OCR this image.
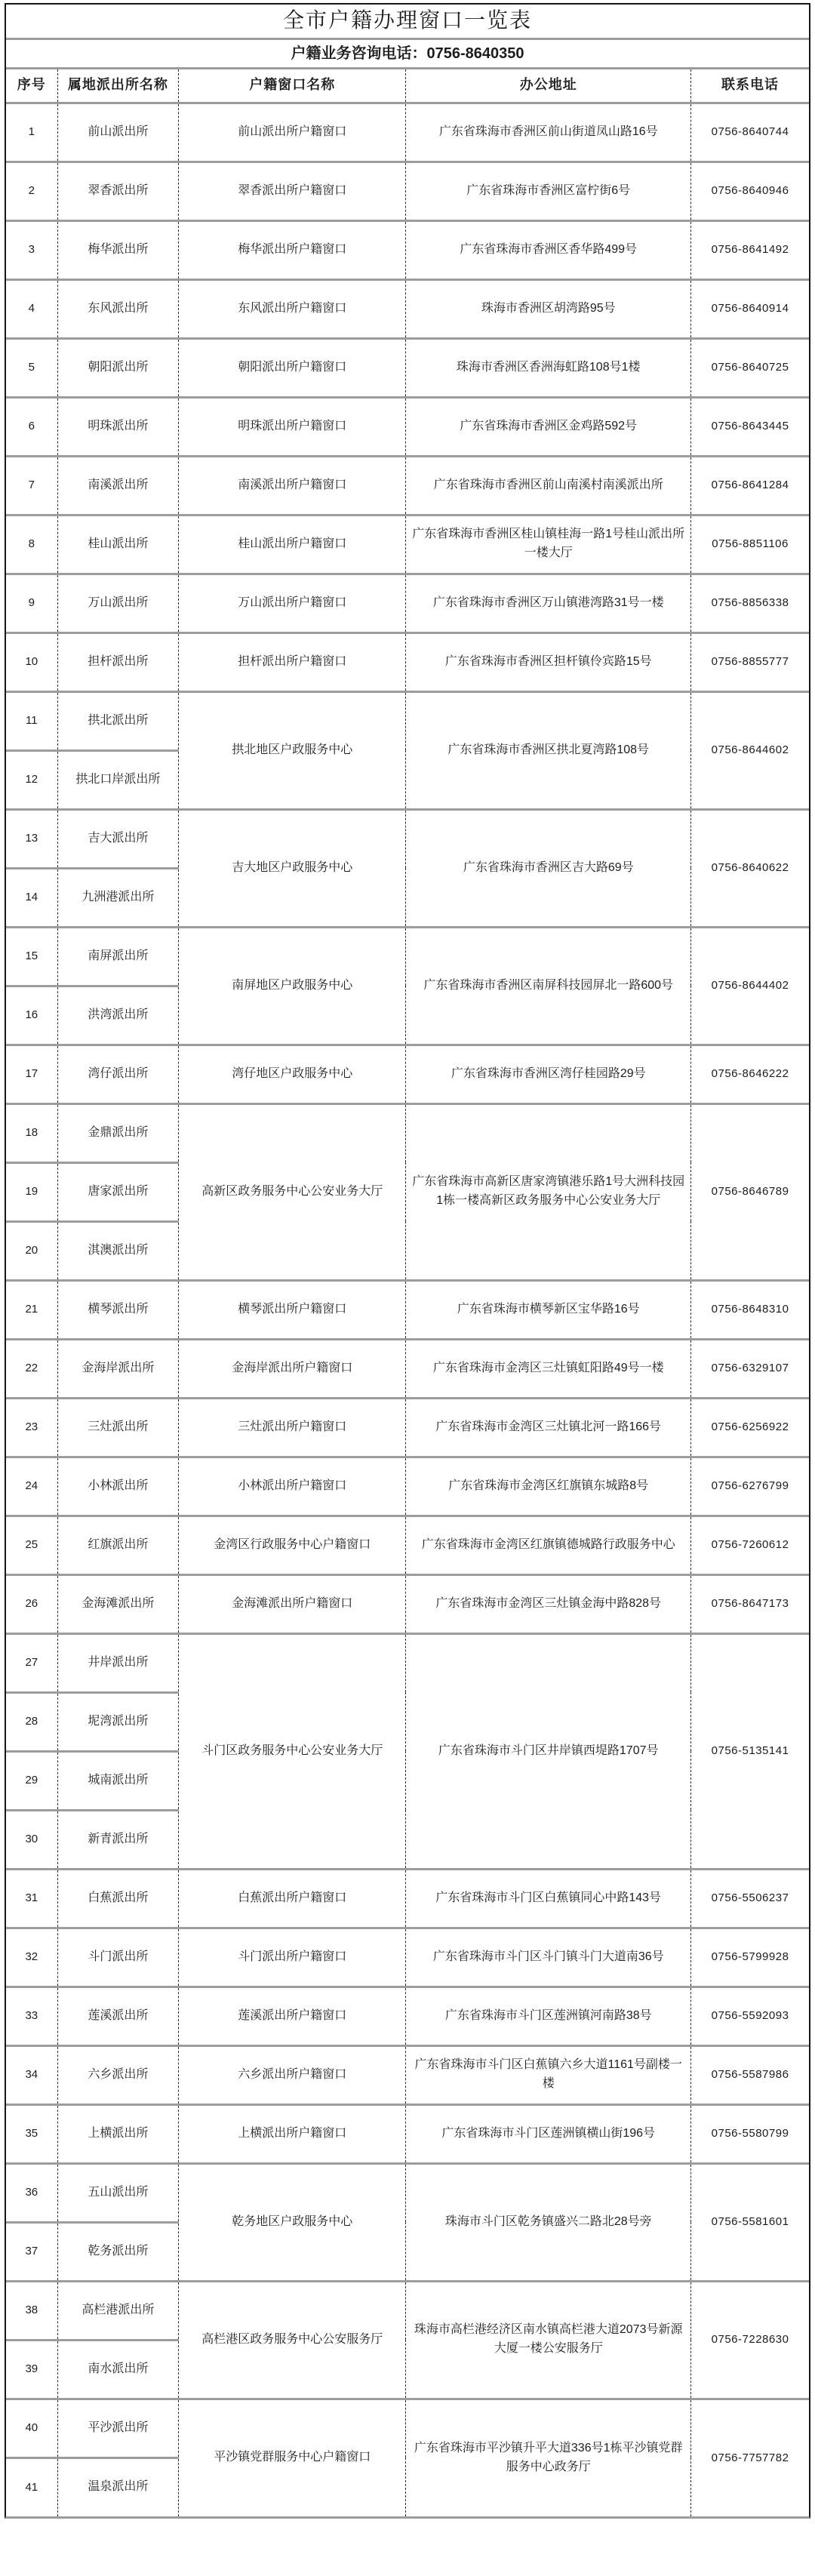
全市户籍办理窗口一览表
户籍业务咨询电话：0756-8640350
序号	属地派出所名称	户籍窗口名称	办公地址	联系电话
1	前山派出所	前山派出所户籍窗口	广东省珠海市香洲区前山街道凤山路16号	0756-8640744
2	翠香派出所	翠香派出所户籍窗口	广东省珠海市香洲区富柠街6号	0756-8640946
3	梅华派出所	梅华派出所户籍窗口	广东省珠海市香洲区香华路499号	0756-8641492
4	东风派出所	东风派出所户籍窗口	珠海市香洲区胡湾路95号	0756-8640914
5	朝阳派出所	朝阳派出所户籍窗口	珠海市香洲区香洲海虹路108号1楼	0756-8640725
6	明珠派出所	明珠派出所户籍窗口	广东省珠海市香洲区金鸡路592号	0756-8643445
7	南溪派出所	南溪派出所户籍窗口	广东省珠海市香洲区前山南溪村南溪派出所	0756-8641284
8	桂山派出所	桂山派出所户籍窗口	广东省珠海市香洲区桂山镇桂海一路1号桂山派出所一楼大厅	0756-8851106
9	万山派出所	万山派出所户籍窗口	广东省珠海市香洲区万山镇港湾路31号一楼	0756-8856338
10	担杆派出所	担杆派出所户籍窗口	广东省珠海市香洲区担杆镇伶宾路15号	0756-8855777
11	拱北派出所	拱北地区户政服务中心	广东省珠海市香洲区拱北夏湾路108号	0756-8644602
12	拱北口岸派出所			
13	吉大派出所	吉大地区户政服务中心	广东省珠海市香洲区吉大路69号	0756-8640622
14	九洲港派出所			
15	南屏派出所	南屏地区户政服务中心	广东省珠海市香洲区南屏科技园屏北一路600号	0756-8644402
16	洪湾派出所			
17	湾仔派出所	湾仔地区户政服务中心	广东省珠海市香洲区湾仔桂园路29号	0756-8646222
18	金鼎派出所	高新区政务服务中心公安业务大厅	广东省珠海市高新区唐家湾镇港乐路1号大洲科技园1栋一楼高新区政务服务中心公安业务大厅	0756-8646789
19	唐家派出所			
20	淇澳派出所			
21	横琴派出所	横琴派出所户籍窗口	广东省珠海市横琴新区宝华路16号	0756-8648310
22	金海岸派出所	金海岸派出所户籍窗口	广东省珠海市金湾区三灶镇虹阳路49号一楼	0756-6329107
23	三灶派出所	三灶派出所户籍窗口	广东省珠海市金湾区三灶镇北河一路166号	0756-6256922
24	小林派出所	小林派出所户籍窗口	广东省珠海市金湾区红旗镇东城路8号	0756-6276799
25	红旗派出所	金湾区行政服务中心户籍窗口	广东省珠海市金湾区红旗镇德城路行政服务中心	0756-7260612
26	金海滩派出所	金海滩派出所户籍窗口	广东省珠海市金湾区三灶镇金海中路828号	0756-8647173
27	井岸派出所	斗门区政务服务中心公安业务大厅	广东省珠海市斗门区井岸镇西堤路1707号	0756-5135141
28	坭湾派出所			
29	城南派出所			
30	新青派出所			
31	白蕉派出所	白蕉派出所户籍窗口	广东省珠海市斗门区白蕉镇同心中路143号	0756-5506237
32	斗门派出所	斗门派出所户籍窗口	广东省珠海市斗门区斗门镇斗门大道南36号	0756-5799928
33	莲溪派出所	莲溪派出所户籍窗口	广东省珠海市斗门区莲洲镇河南路38号	0756-5592093
34	六乡派出所	六乡派出所户籍窗口	广东省珠海市斗门区白蕉镇六乡大道1161号副楼一楼	0756-5587986
35	上横派出所	上横派出所户籍窗口	广东省珠海市斗门区莲洲镇横山街196号	0756-5580799
36	五山派出所	乾务地区户政服务中心	珠海市斗门区乾务镇盛兴二路北28号旁	0756-5581601
37	乾务派出所			
38	高栏港派出所	高栏港区政务服务中心公安服务厅	珠海市高栏港经济区南水镇高栏港大道2073号新源大厦一楼公安服务厅	0756-7228630
39	南水派出所			
40	平沙派出所	平沙镇党群服务中心户籍窗口	广东省珠海市平沙镇升平大道336号1栋平沙镇党群服务中心政务厅	0756-7757782
41	温泉派出所			
